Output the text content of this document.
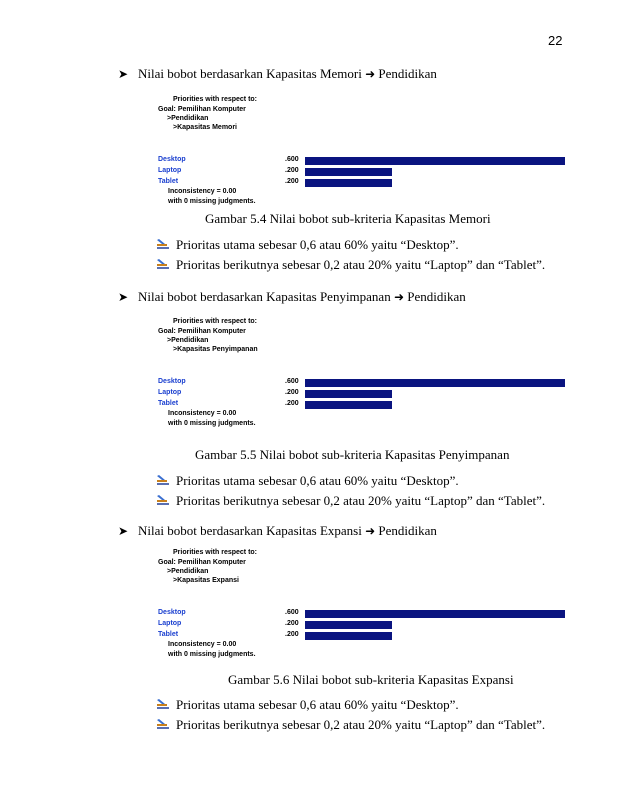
22
➤ Nilai bobot berdasarkan Kapasitas Memori ➜ Pendidikan
Priorities with respect to:
Goal: Pemilihan Komputer
>Pendidikan
>Kapasitas Memori
Desktop	.600
Laptop	.200
Tablet	.200
Inconsistency = 0.00
with 0 missing judgments.
Gambar 5.4 Nilai bobot sub-kriteria Kapasitas Memori
Prioritas utama sebesar 0,6 atau 60% yaitu “Desktop”.
Prioritas berikutnya sebesar 0,2 atau 20% yaitu “Laptop” dan “Tablet”.
➤ Nilai bobot berdasarkan Kapasitas Penyimpanan ➜ Pendidikan
Priorities with respect to:
Goal: Pemilihan Komputer
>Pendidikan
>Kapasitas Penyimpanan
Desktop	.600
Laptop	.200
Tablet	.200
Inconsistency = 0.00
with 0 missing judgments.
Gambar 5.5 Nilai bobot sub-kriteria Kapasitas Penyimpanan
Prioritas utama sebesar 0,6 atau 60% yaitu “Desktop”.
Prioritas berikutnya sebesar 0,2 atau 20% yaitu “Laptop” dan “Tablet”.
➤ Nilai bobot berdasarkan Kapasitas Expansi ➜ Pendidikan
Priorities with respect to:
Goal: Pemilihan Komputer
>Pendidikan
>Kapasitas Expansi
Desktop	.600
Laptop	.200
Tablet	.200
Inconsistency = 0.00
with 0 missing judgments.
Gambar 5.6 Nilai bobot sub-kriteria Kapasitas Expansi
Prioritas utama sebesar 0,6 atau 60% yaitu “Desktop”.
Prioritas berikutnya sebesar 0,2 atau 20% yaitu “Laptop” dan “Tablet”.
